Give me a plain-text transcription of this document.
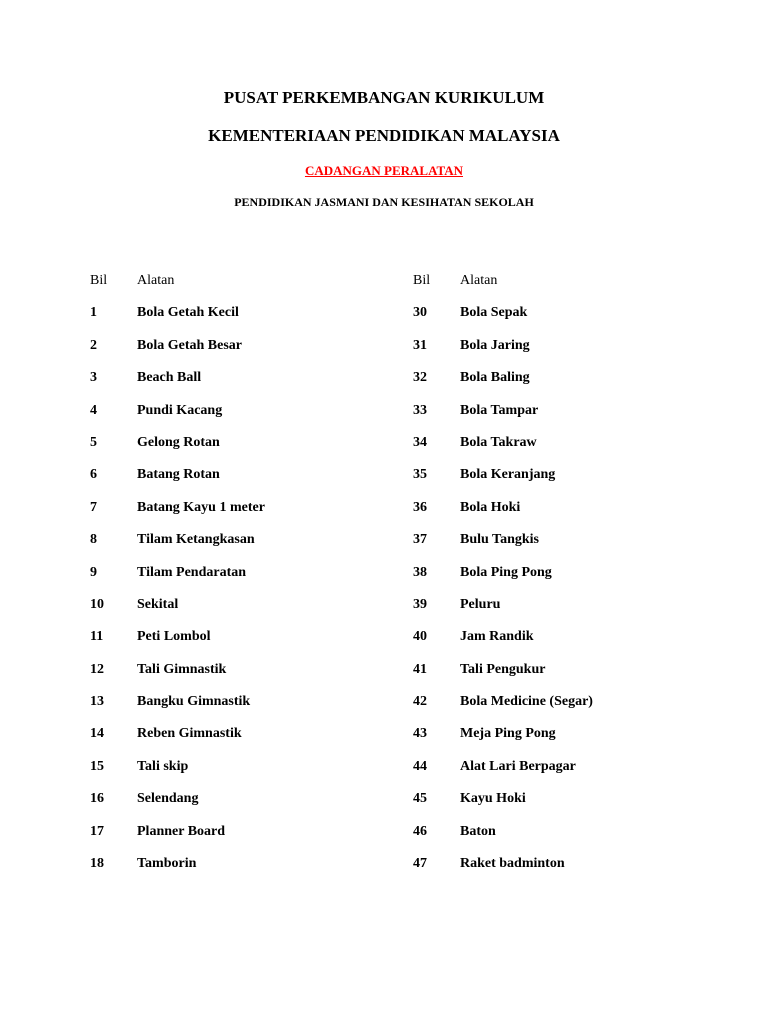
PUSAT PERKEMBANGAN KURIKULUM
KEMENTERIAAN PENDIDIKAN MALAYSIA
CADANGAN PERALATAN
PENDIDIKAN JASMANI DAN KESIHATAN SEKOLAH
Bil Alatan	Bil Alatan
1	Bola Getah Kecil	30 Bola Sepak
2	Bola Getah Besar	31 Bola Jaring
3	Beach Ball	32 Bola Baling
4	Pundi Kacang	33 Bola Tampar
5	Gelong Rotan	34 Bola Takraw
6	Batang Rotan	35 Bola Keranjang
7	Batang Kayu 1 meter	36 Bola Hoki
8	Tilam Ketangkasan	37 Bulu Tangkis
9	Tilam Pendaratan	38 Bola Ping Pong
10 Sekital	39 Peluru
11 Peti Lombol	40 Jam Randik
12 Tali Gimnastik	41 Tali Pengukur
13 Bangku Gimnastik	42 Bola Medicine (Segar)
14 Reben Gimnastik	43 Meja Ping Pong
15 Tali skip	44 Alat Lari Berpagar
16 Selendang	45 Kayu Hoki
17 Planner Board	46 Baton
18 Tamborin	47 Raket badminton
